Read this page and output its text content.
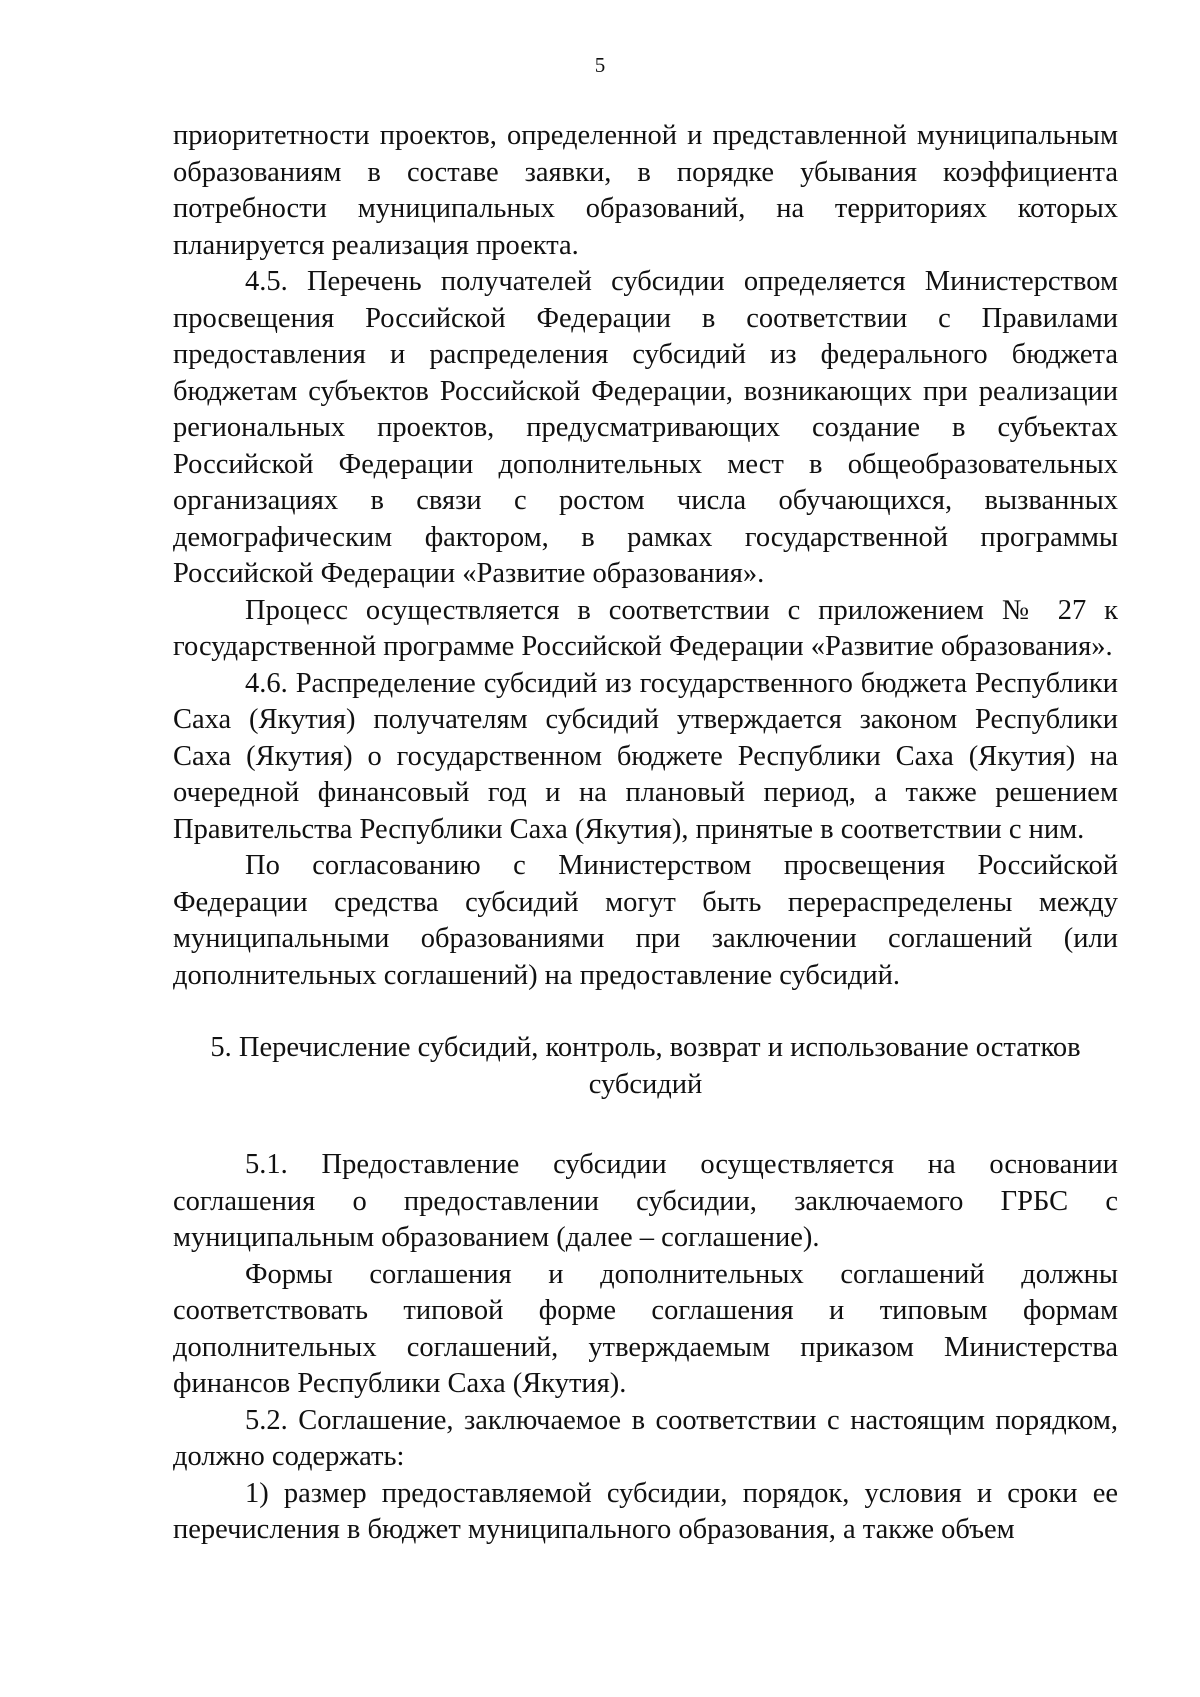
5

приоритетности проектов, определенной и представленной муниципальным образованиям в составе заявки, в порядке убывания коэффициента потребности муниципальных образований, на территориях которых планируется реализация проекта.

4.5. Перечень получателей субсидии определяется Министерством просвещения Российской Федерации в соответствии с Правилами предоставления и распределения субсидий из федерального бюджета бюджетам субъектов Российской Федерации, возникающих при реализации региональных проектов, предусматривающих создание в субъектах Российской Федерации дополнительных мест в общеобразовательных организациях в связи с ростом числа обучающихся, вызванных демографическим фактором, в рамках государственной программы Российской Федерации «Развитие образования».

Процесс осуществляется в соответствии с приложением № 27 к государственной программе Российской Федерации «Развитие образования».

4.6. Распределение субсидий из государственного бюджета Республики Саха (Якутия) получателям субсидий утверждается законом Республики Саха (Якутия) о государственном бюджете Республики Саха (Якутия) на очередной финансовый год и на плановый период, а также решением Правительства Республики Саха (Якутия), принятые в соответствии с ним.

По согласованию с Министерством просвещения Российской Федерации средства субсидий могут быть перераспределены между муниципальными образованиями при заключении соглашений (или дополнительных соглашений) на предоставление субсидий.

5. Перечисление субсидий, контроль, возврат и использование остатков
субсидий

5.1. Предоставление субсидии осуществляется на основании соглашения о предоставлении субсидии, заключаемого ГРБС с муниципальным образованием (далее – соглашение).

Формы соглашения и дополнительных соглашений должны соответствовать типовой форме соглашения и типовым формам дополнительных соглашений, утверждаемым приказом Министерства финансов Республики Саха (Якутия).

5.2. Соглашение, заключаемое в соответствии с настоящим порядком, должно содержать:

1) размер предоставляемой субсидии, порядок, условия и сроки ее перечисления в бюджет муниципального образования, а также объем
